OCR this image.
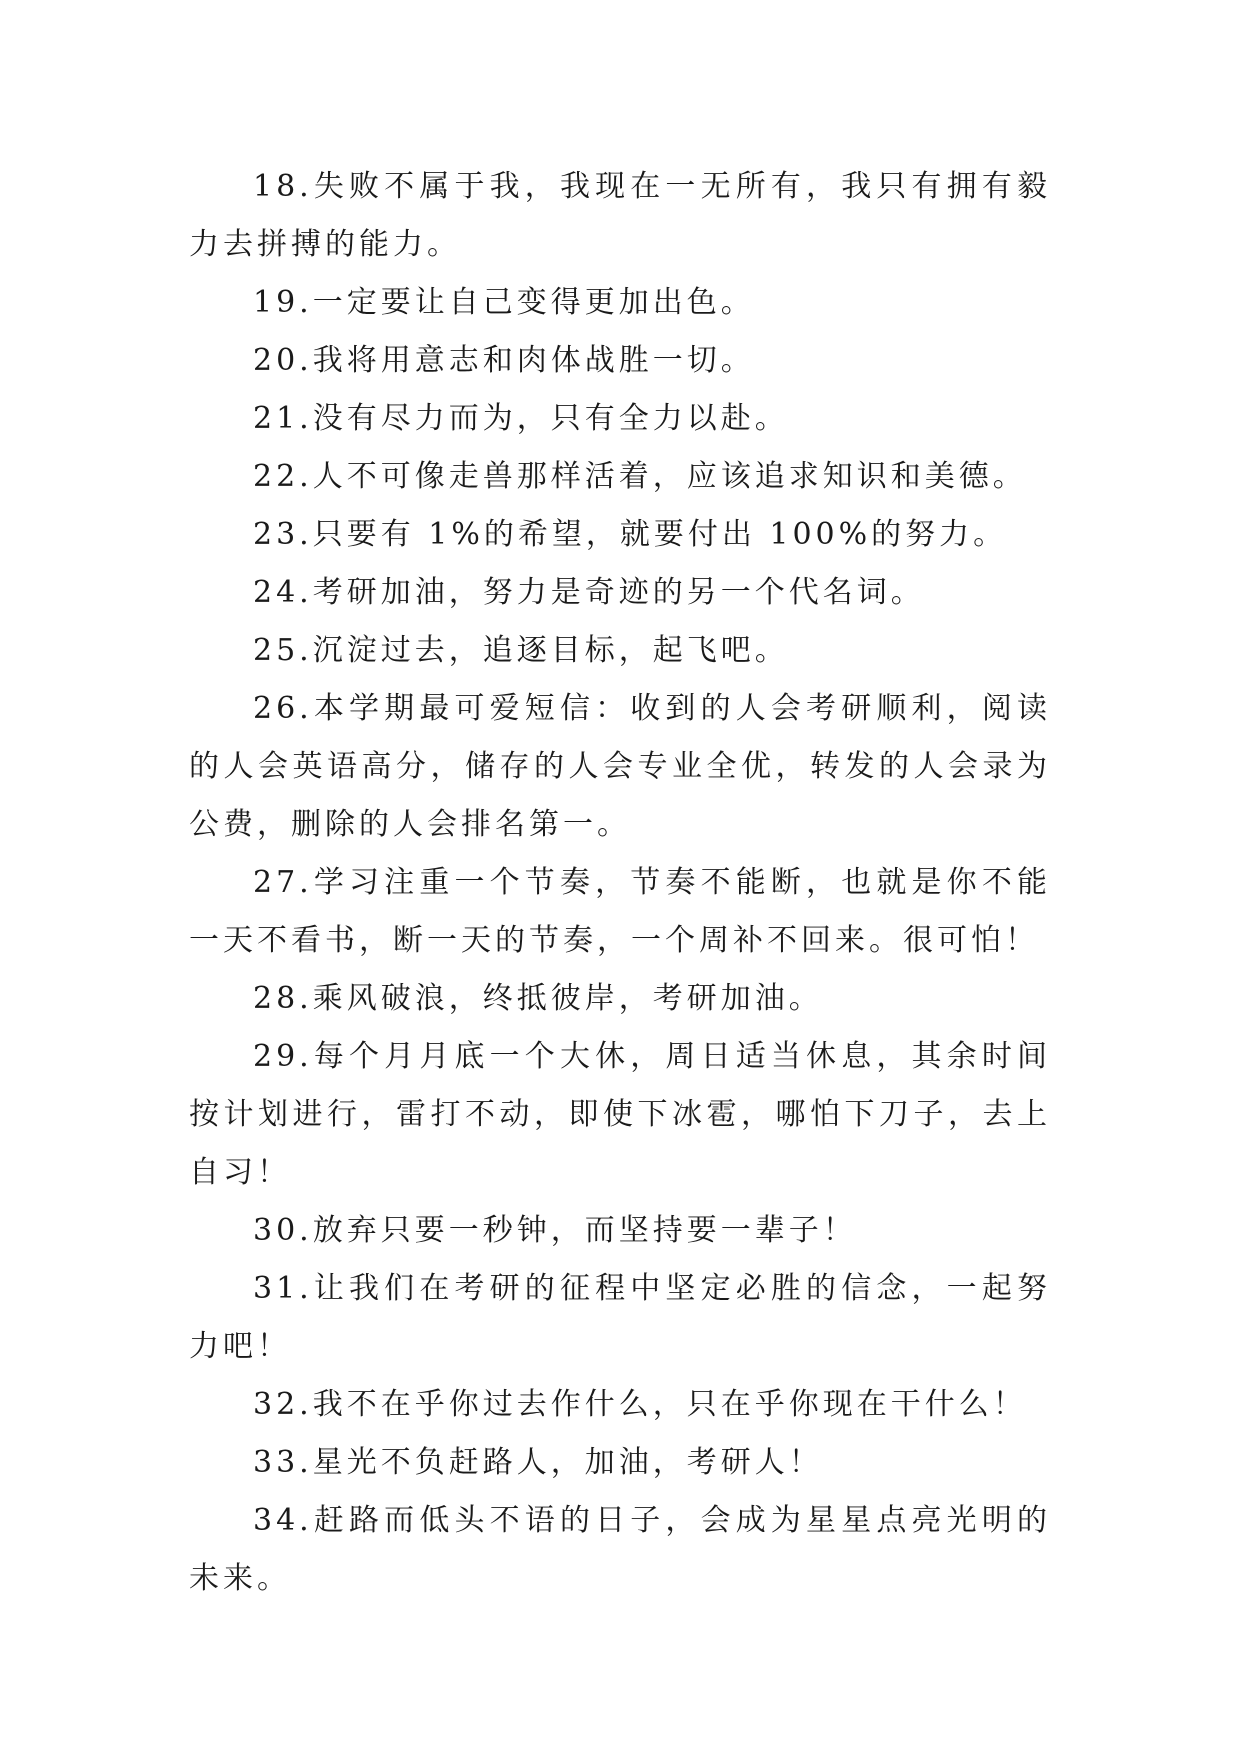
18.失败不属于我，我现在一无所有，我只有拥有毅力去拼搏的能力。

19.一定要让自己变得更加出色。

20.我将用意志和肉体战胜一切。

21.没有尽力而为，只有全力以赴。

22.人不可像走兽那样活着，应该追求知识和美德。

23.只要有 1%的希望，就要付出 100%的努力。

24.考研加油，努力是奇迹的另一个代名词。

25.沉淀过去，追逐目标，起飞吧。

26.本学期最可爱短信：收到的人会考研顺利，阅读的人会英语高分，储存的人会专业全优，转发的人会录为公费，删除的人会排名第一。

27.学习注重一个节奏，节奏不能断，也就是你不能一天不看书，断一天的节奏，一个周补不回来。很可怕！

28.乘风破浪，终抵彼岸，考研加油。

29.每个月月底一个大休，周日适当休息，其余时间按计划进行，雷打不动，即使下冰雹，哪怕下刀子，去上自习！

30.放弃只要一秒钟，而坚持要一辈子！

31.让我们在考研的征程中坚定必胜的信念，一起努力吧！

32.我不在乎你过去作什么，只在乎你现在干什么！

33.星光不负赶路人，加油，考研人！

34.赶路而低头不语的日子，会成为星星点亮光明的未来。
